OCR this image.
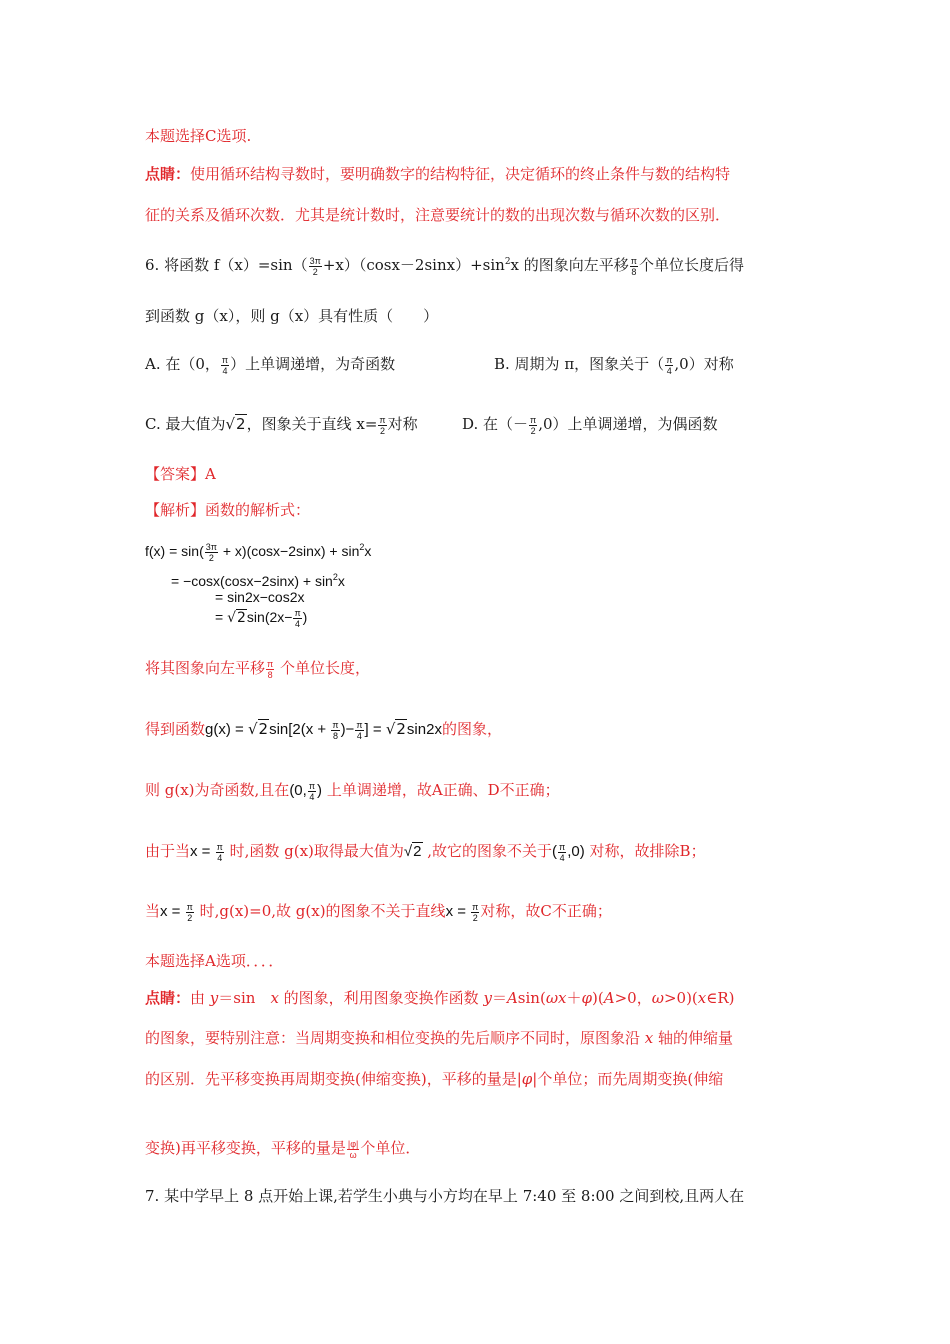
本题选择C选项.
点睛：使用循环结构寻数时，要明确数字的结构特征，决定循环的终止条件与数的结构特
征的关系及循环次数．尤其是统计数时，注意要统计的数的出现次数与循环次数的区别．
6. 将函数 $f(x)=\sin( \frac{3\pi}{2} +x)(\cos x-2\sin x)+\sin^2x$ 的图象向左平移 $\frac{\pi}{8}$ 个单位长度后得
到函数 g（x），则 g（x）具有性质（　　）
A. 在（0， $\frac{\pi}{4}$ ）上单调递增，为奇函数	B. 周期为 π，图象关于（ $\frac{\pi}{4} ,0$）对称
C. 最大值为√2，图象关于直线 $x= \frac{\pi}{2}$ 对称	D. 在（－ $\frac{\pi}{2} ,0$）上单调递增，为偶函数
【答案】A
【解析】函数的解析式：
$f(x) = \sin( \frac{3\pi}{2} + x)(\cos x-2\sin x) + \sin^2x$
= $-\cos x(\cos x-2\sin x) + \sin^2x$
= sin2x−cos2x
= $√2\sin(2x- \frac{\pi}{4}$ )
将其图象向左平移 $\frac{\pi}{8}$ 个单位长度，
得到函数$g(x) = √2\sin[2(x + \frac{\pi}{8}$ )− $\frac{\pi}{4}$ ] = √2sin2x的图象，
则 g(x)为奇函数,且在(0, $\frac{\pi}{4}$ ) 上单调递增，故A正确、D不正确；
由于当$x = \frac{\pi}{4}$ 时,函数 g(x)取得最大值为√2 ,故它的图象不关于( $\frac{\pi}{4} ,0$) 对称，故排除B；
当$x = \frac{\pi}{2}$ 时,g(x)=0,故 g(x)的图象不关于直线$x = \frac{\pi}{2}$ 对称，故C不正确；
本题选择A选项．．．．
点睛：由 y＝sin　x 的图象，利用图象变换作函数 y＝Asin(ωx＋φ)(A>0，ω>0)(x∈R)
的图象，要特别注意：当周期变换和相位变换的先后顺序不同时，原图象沿 x 轴的伸缩量
的区别．先平移变换再周期变换(伸缩变换)，平移的量是|φ|个单位；而先周期变换(伸缩
变换)再平移变换，平移的量是 $\frac{|\varphi|}{\omega}$ 个单位．
7. 某中学早上 8 点开始上课,若学生小典与小方均在早上 7:40 至 8:00 之间到校,且两人在
